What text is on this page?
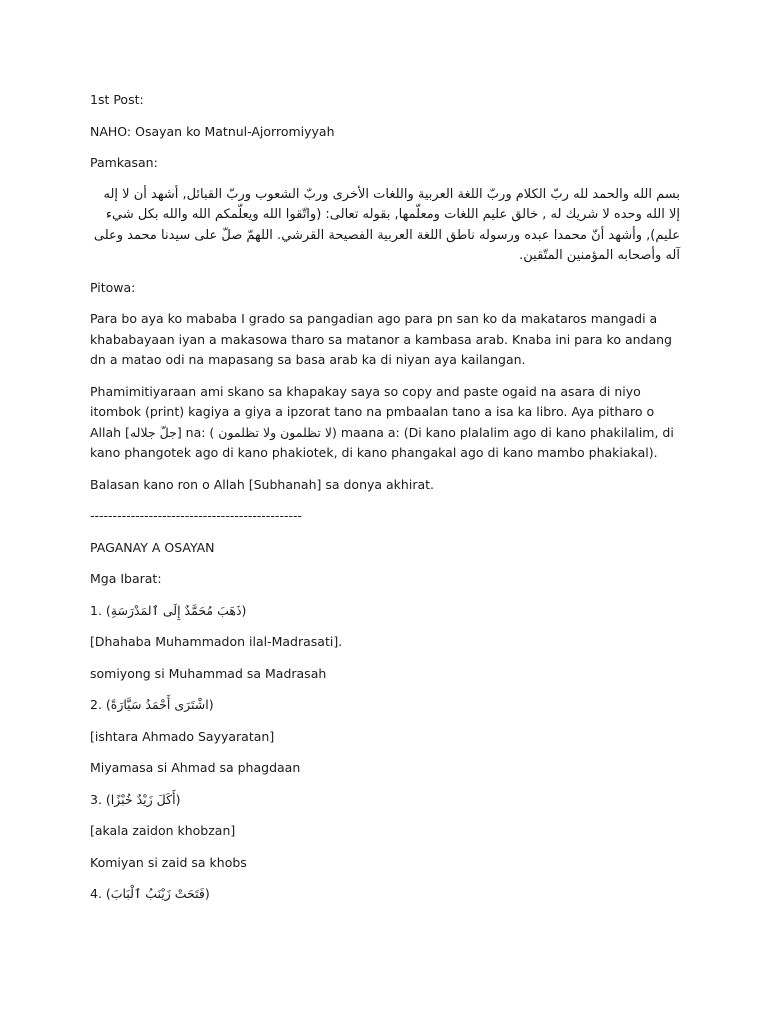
1st Post:

NAHO: Osayan ko Matnul-Ajorromiyyah

Pamkasan:

بسم الله والحمد لله ربّ الكلام وربّ اللغة العربية واللغات الأخرى وربّ الشعوب وربّ القبائل, أشهد أن لا إله إلا الله وحده لا شريك له , خالق عليم اللغات ومعلّمها, بقوله تعالى: (واتّقوا الله ويعلّمكم الله والله بكل شيء عليم), وأشهد أنّ محمدا عبده ورسوله ناطق اللغة العربية الفصيحة القرشي. اللهمّ صلّ على سيدنا محمد وعلى آله وأصحابه المؤمنين المتّقين.

Pitowa:

Para bo aya ko mababa I grado sa pangadian ago para pn san ko da makataros mangadi a khababayaan iyan a makasowa tharo sa matanor a kambasa arab. Knaba ini para ko andang dn a matao odi na mapasang sa basa arab ka di niyan aya kailangan.

Phamimitiyaraan ami skano sa khapakay saya so copy and paste ogaid na asara di niyo itombok (print) kagiya a giya a ipzorat tano na pmbaalan tano a isa ka libro. Aya pitharo o Allah [جلّ جلاله] na: ( لا تظلمون ولا تظلمون) maana a: (Di kano plalalim ago di kano phakilalim, di kano phangotek ago di kano phakiotek, di kano phangakal ago di kano mambo phakiakal).

Balasan kano ron o Allah [Subhanah] sa donya akhirat.

-----------------------------------------------

PAGANAY A OSAYAN

Mga Ibarat:

1. (ذَهَبَ مُحَمَّدٌ إِلَى ٱلمَدْرَسَةِ)

[Dhahaba Muhammadon ilal-Madrasati].

somiyong si Muhammad sa Madrasah

2. (اشْتَرَى أَحْمَدُ سَيَّارَةً)

[ishtara Ahmado Sayyaratan]

Miyamasa si Ahmad sa phagdaan

3. (أَكَلَ زَيْدٌ خُبْزًا)

[akala zaidon khobzan]

Komiyan si zaid sa khobs

4. (فَتَحَتْ زَيْنَبُ ٱلْبَابَ)
